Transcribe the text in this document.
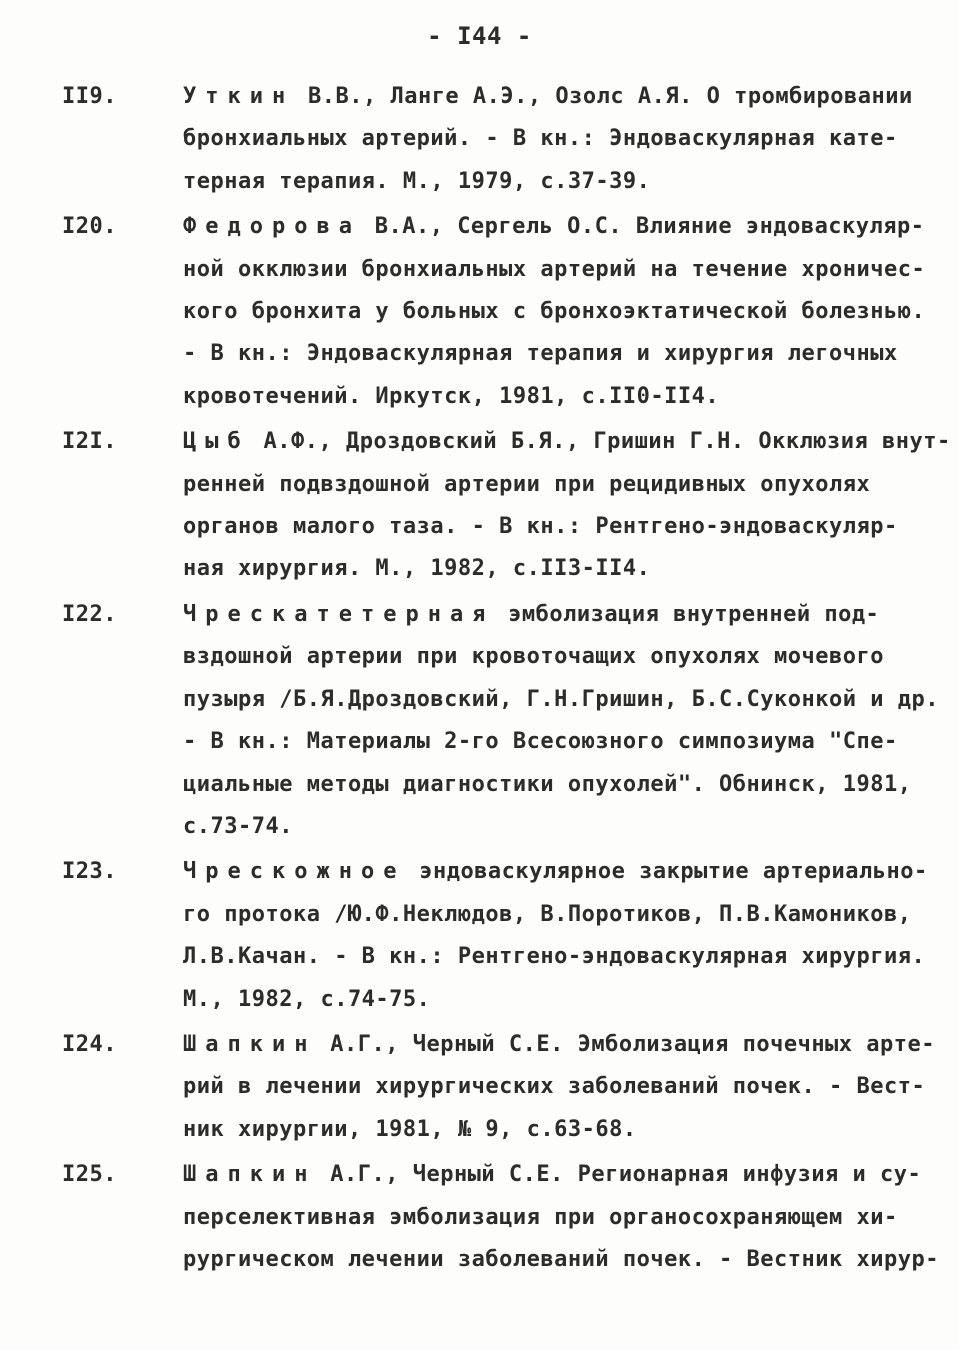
- I44 -
II9.	Уткин В.В., Ланге А.Э., Озолс А.Я. О тромбировании
бронхиальных артерий. - В кн.: Эндоваскулярная кате-
терная терапия. М., 1979, с.37-39.
I20.	Федорова В.А., Сергель О.С. Влияние эндоваскуляр-
ной окклюзии бронхиальных артерий на течение хроничес-
кого бронхита у больных с бронхоэктатической болезнью.
- В кн.: Эндоваскулярная терапия и хирургия легочных
кровотечений. Иркутск, 1981, с.II0-II4.
I2I.	Цыб А.Ф., Дроздовский Б.Я., Гришин Г.Н. Окклюзия внут-
ренней подвздошной артерии при рецидивных опухолях
органов малого таза. - В кн.: Рентгено-эндоваскуляр-
ная хирургия. М., 1982, с.II3-II4.
I22.	Чрескатетерная эмболизация внутренней под-
вздошной артерии при кровоточащих опухолях мочевого
пузыря /Б.Я.Дроздовский, Г.Н.Гришин, Б.С.Суконкой и др.
- В кн.: Материалы 2-го Всесоюзного симпозиума "Спе-
циальные методы диагностики опухолей". Обнинск, 1981,
с.73-74.
I23.	Чрескожное эндоваскулярное закрытие артериально-
го протока /Ю.Ф.Неклюдов, В.Поротиков, П.В.Камоников,
Л.В.Качан. - В кн.: Рентгено-эндоваскулярная хирургия.
М., 1982, с.74-75.
I24.	Шапкин А.Г., Черный С.Е. Эмболизация почечных арте-
рий в лечении хирургических заболеваний почек. - Вест-
ник хирургии, 1981, № 9, с.63-68.
I25.	Шапкин А.Г., Черный С.Е. Регионарная инфузия и су-
перселективная эмболизация при органосохраняющем хи-
рургическом лечении заболеваний почек. - Вестник хирур-
